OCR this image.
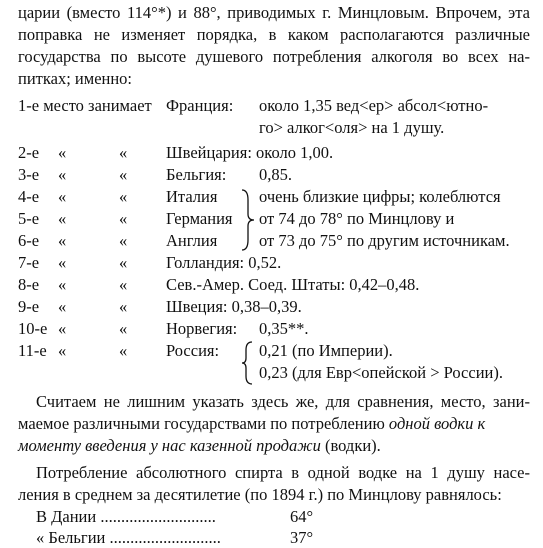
царии (вместо 114°*) и 88°, приводимых г. Минцловым. Впрочем, эта
поправка не изменяет порядка, в каком располагаются различные
государства по высоте душевого потребления алкоголя во всех на-
питках; именно:
1-е место занимает Франция: около 1,35 вед<ер> абсол<ютно-
го> алког<оля> на 1 душу.
2-е «	« Швейцария: около 1,00.
3-е «	« Бельгия: 0,85.
4-е «	« Италия	очень близкие цифры; колеблются
5-е «	« Германия от 74 до 78° по Минцлову и
6-е «	« Англия	от 73 до 75° по другим источникам.
7-е «	« Голландия: 0,52.
8-е «	« Сев.-Амер. Соед. Штаты: 0,42–0,48.
9-е «	« Швеция: 0,38–0,39.
10-е «	« Норвегия: 0,35**.
11-е «	« Россия: 0,21 (по Империи).
0,23 (для Евр<опейской > России).
Считаем не лишним указать здесь же, для сравнения, место, зани-
маемое различными государствами по потреблению одной водки к
моменту введения у нас казенной продажи (водки).
Потребление абсолютного спирта в одной водке на 1 душу насе-
ления в среднем за десятилетие (по 1894 г.) по Минцлову равнялось:
В Дании ............................	64°
« Бельгии ...........................	37°
